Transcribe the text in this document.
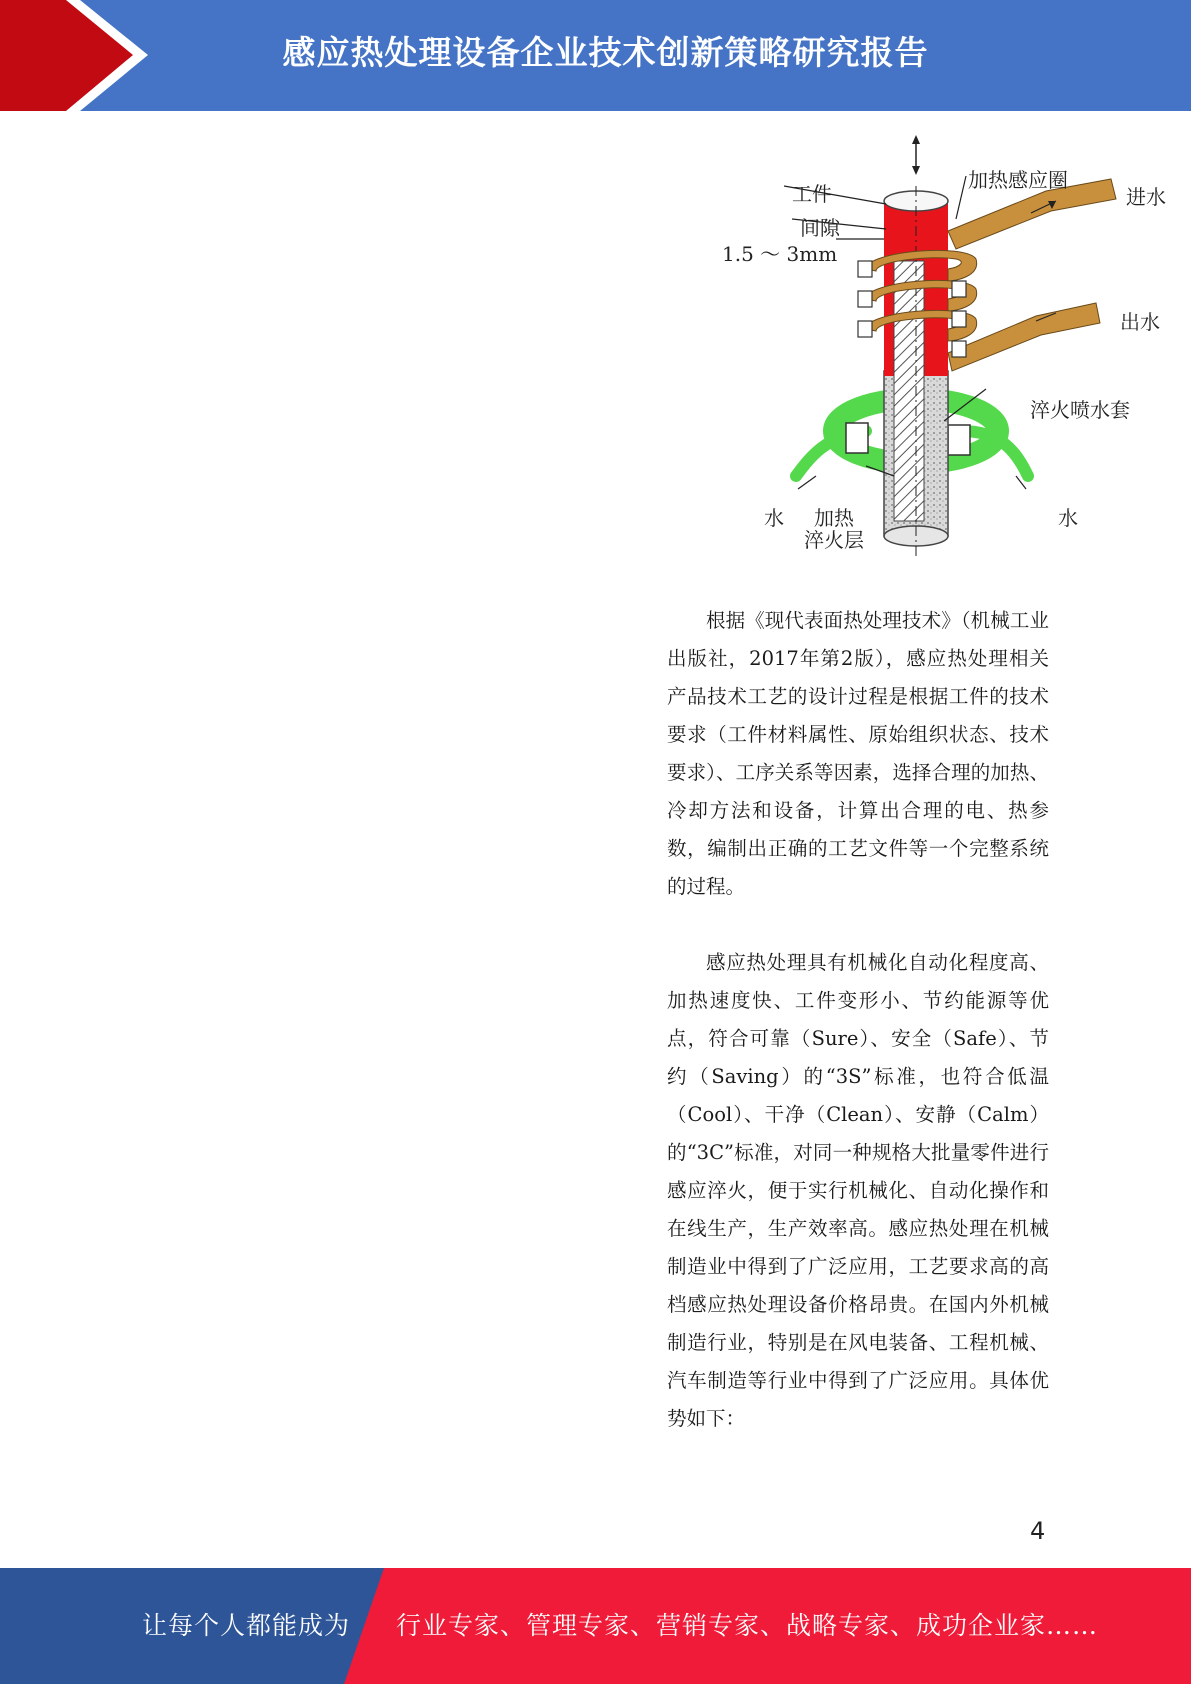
感应热处理设备企业技术创新策略研究报告
工件
间隙
1.5 ～ 3mm
加热感应圈
进水
出水
淬火喷水套
水	水
加热
淬火层

根据《现代表面热处理技术》（机械工业出版社，2017年第2版），感应热处理相关产品技术工艺的设计过程是根据工件的技术要求（工件材料属性、原始组织状态、技术要求）、工序关系等因素，选择合理的加热、冷却方法和设备，计算出合理的电、热参数，编制出正确的工艺文件等一个完整系统的过程。

感应热处理具有机械化自动化程度高、加热速度快、工件变形小、节约能源等优点，符合可靠（Sure）、安全（Safe）、节约（Saving）的“3S”标准，也符合低温（Cool）、干净（Clean）、安静（Calm）的“3C”标准，对同一种规格大批量零件进行感应淬火，便于实行机械化、自动化操作和在线生产，生产效率高。感应热处理在机械制造业中得到了广泛应用，工艺要求高的高档感应热处理设备价格昂贵。在国内外机械制造行业，特别是在风电装备、工程机械、汽车制造等行业中得到了广泛应用。具体优势如下：

4
让每个人都能成为 行业专家、管理专家、营销专家、战略专家、成功企业家……
